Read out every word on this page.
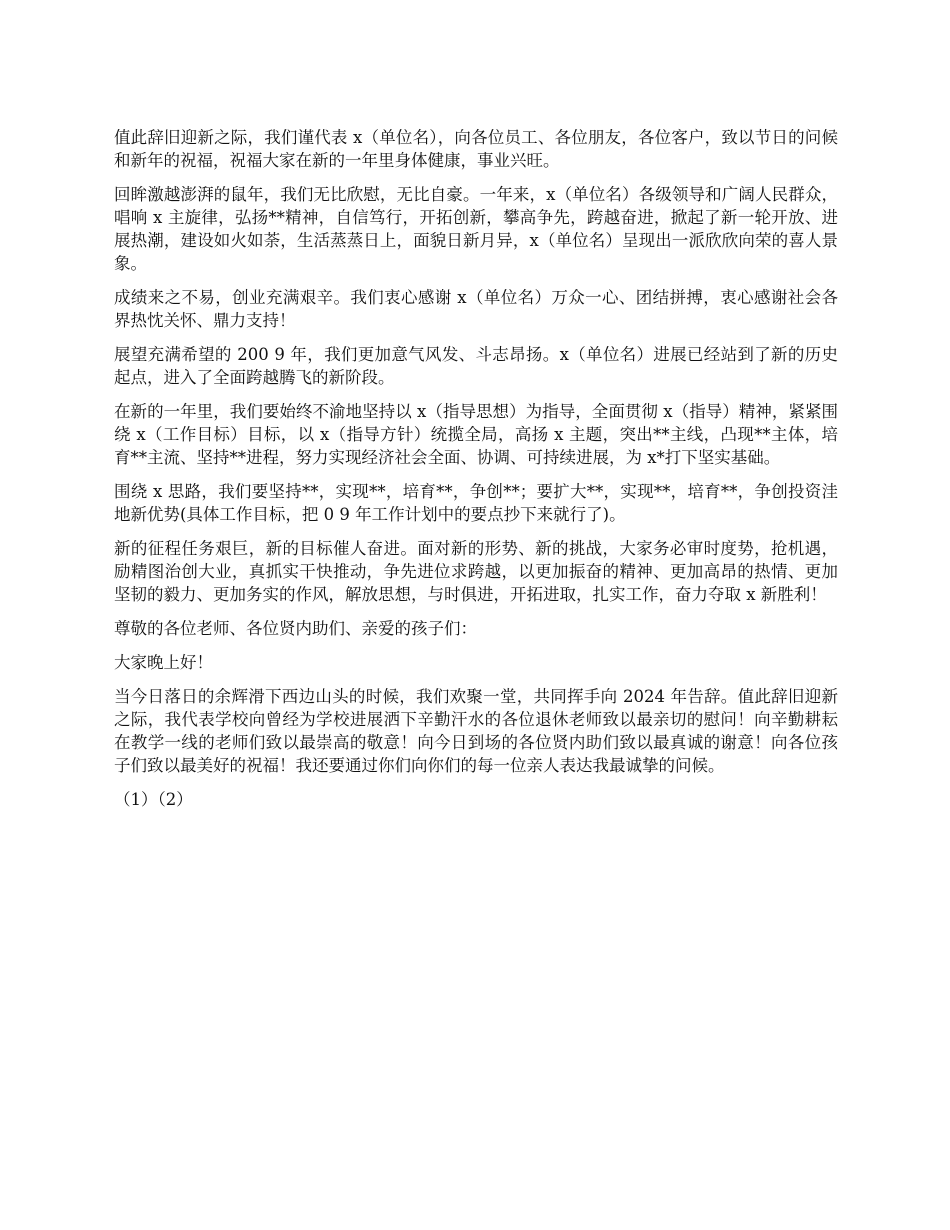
值此辞旧迎新之际，我们谨代表 x（单位名），向各位员工、各位朋友，各位客户，致以节日的问候和新年的祝福，祝福大家在新的一年里身体健康，事业兴旺。

回眸激越澎湃的鼠年，我们无比欣慰，无比自豪。一年来，x（单位名）各级领导和广阔人民群众，唱响 x 主旋律，弘扬**精神，自信笃行，开拓创新，攀高争先，跨越奋进，掀起了新一轮开放、进展热潮，建设如火如荼，生活蒸蒸日上，面貌日新月异，x（单位名）呈现出一派欣欣向荣的喜人景象。

成绩来之不易，创业充满艰辛。我们衷心感谢 x（单位名）万众一心、团结拼搏，衷心感谢社会各界热忱关怀、鼎力支持！

展望充满希望的 200 9 年，我们更加意气风发、斗志昂扬。x（单位名）进展已经站到了新的历史起点，进入了全面跨越腾飞的新阶段。

在新的一年里，我们要始终不渝地坚持以 x（指导思想）为指导，全面贯彻 x（指导）精神，紧紧围绕 x（工作目标）目标，以 x（指导方针）统揽全局，高扬 x 主题，突出**主线，凸现**主体，培育**主流、坚持**进程，努力实现经济社会全面、协调、可持续进展，为 x*打下坚实基础。

围绕 x 思路，我们要坚持**，实现**，培育**，争创**；要扩大**，实现**，培育**，争创投资洼地新优势(具体工作目标，把 0 9 年工作计划中的要点抄下来就行了)。

新的征程任务艰巨，新的目标催人奋进。面对新的形势、新的挑战，大家务必审时度势，抢机遇，励精图治创大业，真抓实干快推动，争先进位求跨越，以更加振奋的精神、更加高昂的热情、更加坚韧的毅力、更加务实的作风，解放思想，与时俱进，开拓进取，扎实工作，奋力夺取 x 新胜利！

尊敬的各位老师、各位贤内助们、亲爱的孩子们：

大家晚上好！

当今日落日的余辉滑下西边山头的时候，我们欢聚一堂，共同挥手向 2024 年告辞。值此辞旧迎新之际，我代表学校向曾经为学校进展洒下辛勤汗水的各位退休老师致以最亲切的慰问！向辛勤耕耘在教学一线的老师们致以最崇高的敬意！向今日到场的各位贤内助们致以最真诚的谢意！向各位孩子们致以最美好的祝福！我还要通过你们向你们的每一位亲人表达我最诚挚的问候。

（1）（2）
